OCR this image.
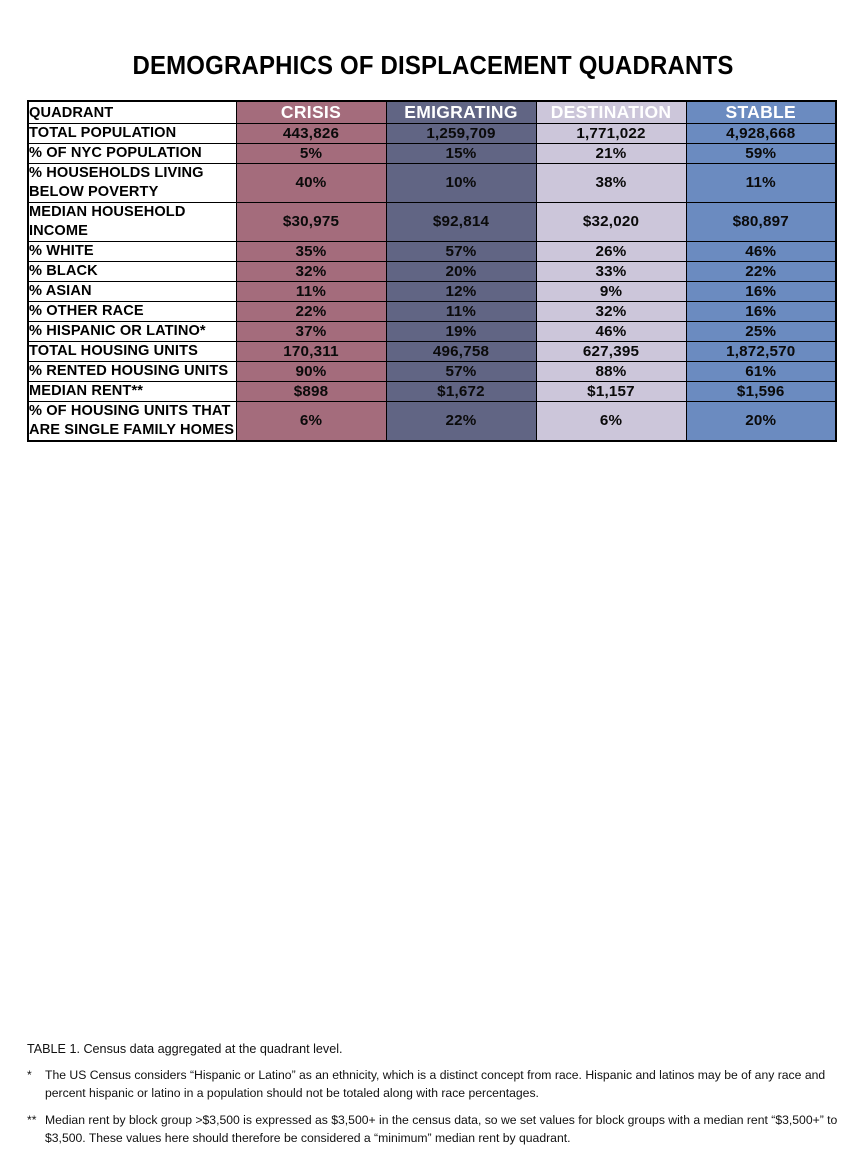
DEMOGRAPHICS OF DISPLACEMENT QUADRANTS
QUADRANT	CRISIS	EMIGRATING	DESTINATION	STABLE
TOTAL POPULATION	443,826	1,259,709	1,771,022	4,928,668
% OF NYC POPULATION	5%	15%	21%	59%
% HOUSEHOLDS LIVING BELOW POVERTY	40%	10%	38%	11%
MEDIAN HOUSEHOLD INCOME	$30,975	$92,814	$32,020	$80,897
% WHITE	35%	57%	26%	46%
% BLACK	32%	20%	33%	22%
% ASIAN	11%	12%	9%	16%
% OTHER RACE	22%	11%	32%	16%
% HISPANIC OR LATINO*	37%	19%	46%	25%
TOTAL HOUSING UNITS	170,311	496,758	627,395	1,872,570
% RENTED HOUSING UNITS	90%	57%	88%	61%
MEDIAN RENT**	$898	$1,672	$1,157	$1,596
% OF HOUSING UNITS THAT ARE SINGLE FAMILY HOMES	6%	22%	6%	20%

TABLE 1. Census data aggregated at the quadrant level.

*	The US Census considers “Hispanic or Latino” as an ethnicity, which is a distinct concept from race. Hispanic and latinos may be of any race and percent hispanic or latino in a population should not be totaled along with race percentages.
** Median rent by block group >$3,500 is expressed as $3,500+ in the census data, so we set values for block groups with a median rent “$3,500+” to $3,500. These values here should therefore be considered a “minimum” median rent by quadrant.
